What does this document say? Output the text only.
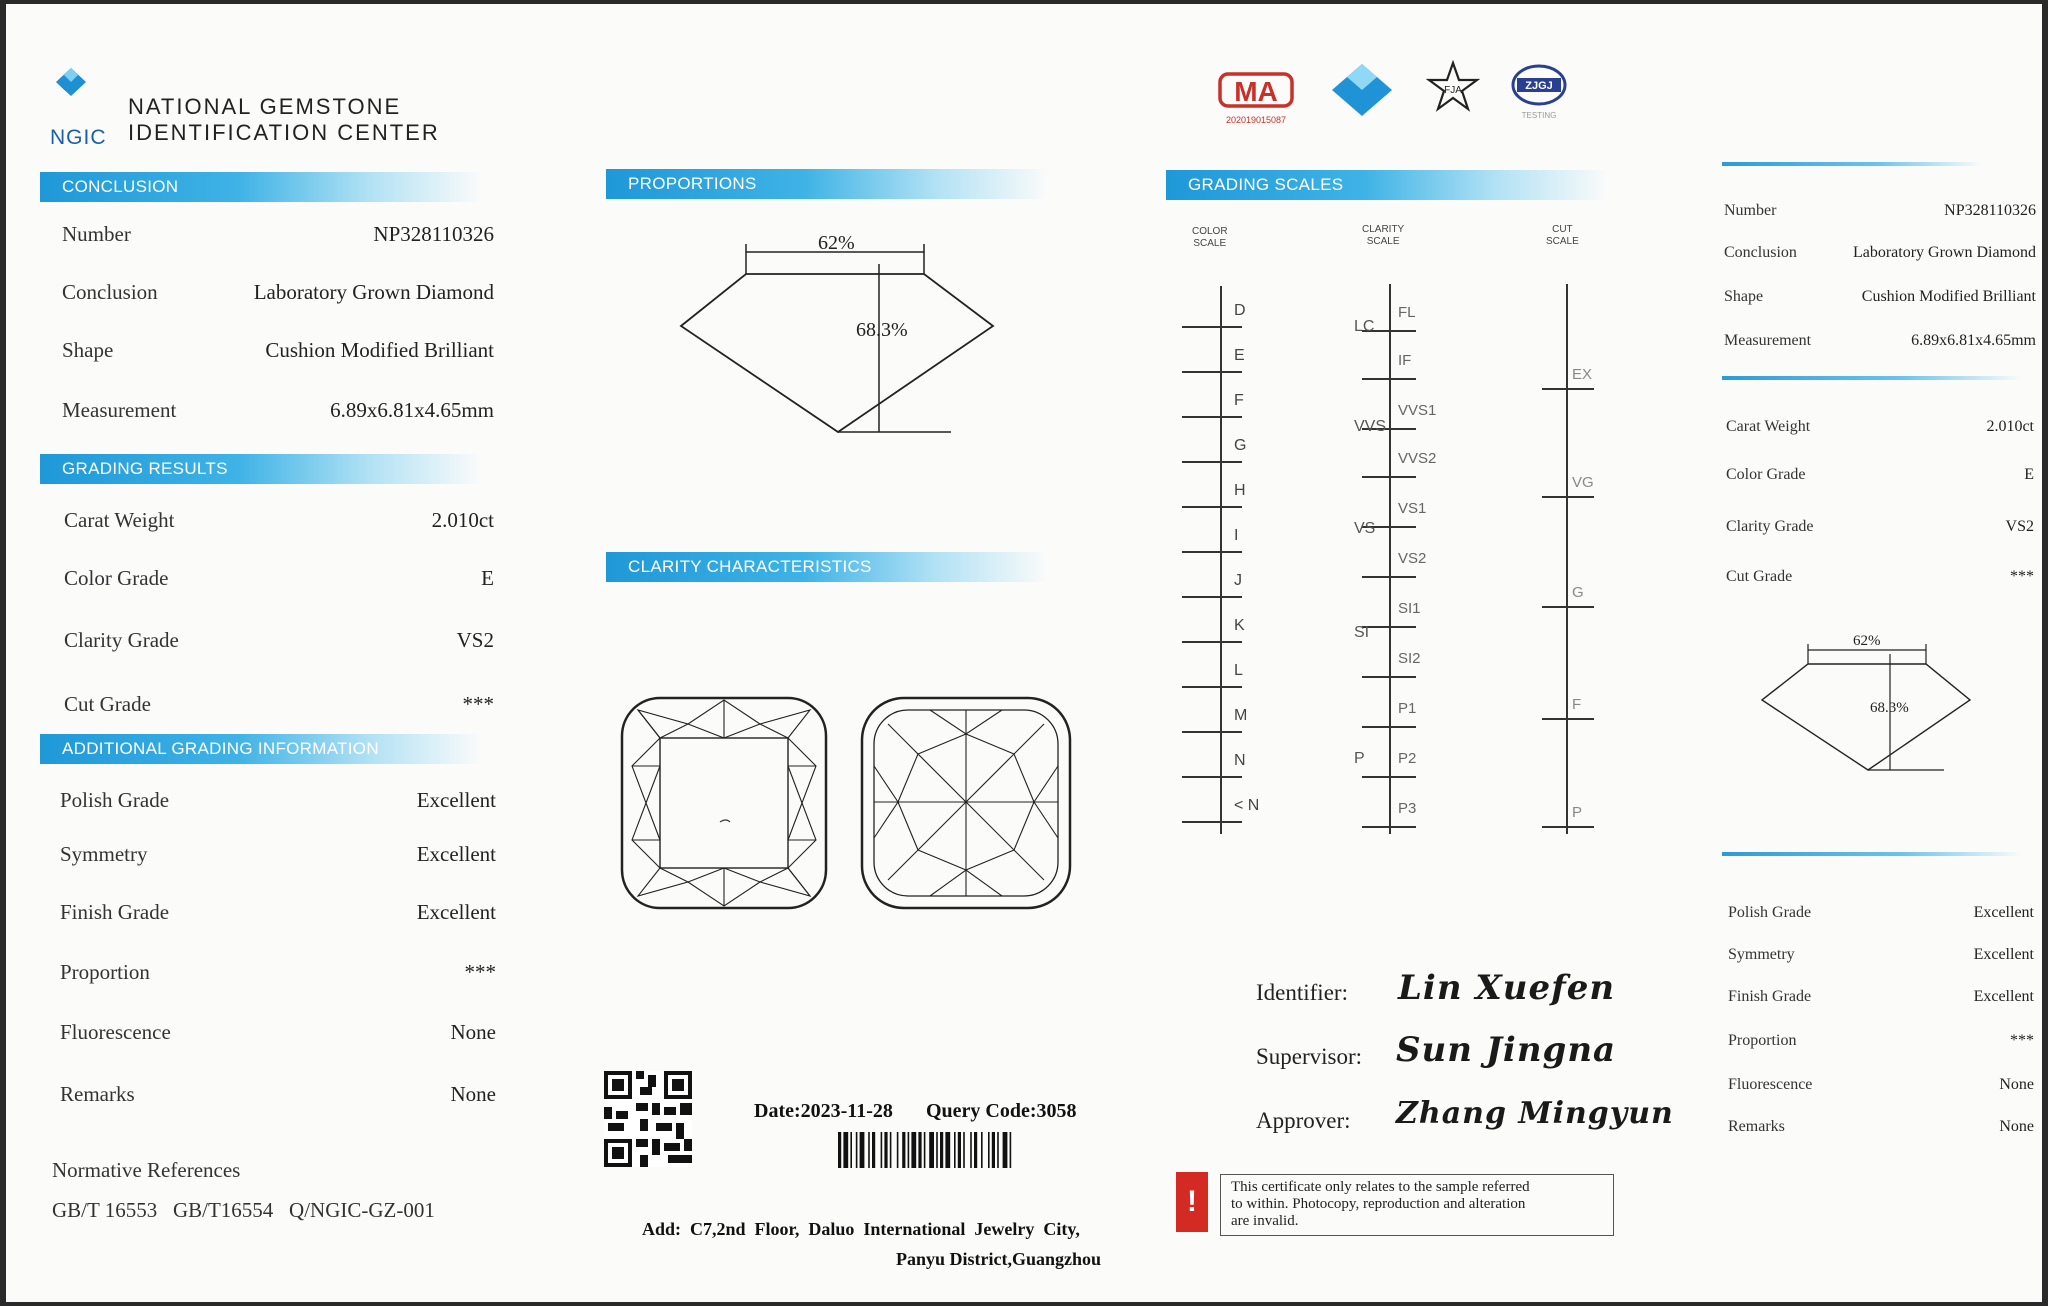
NGIC
NATIONAL GEMSTONE
IDENTIFICATION CENTER
CONCLUSION
GRADING RESULTS
ADDITIONAL GRADING INFORMATION
Normative References
GB/T 16553   GB/T16554   Q/NGIC-GZ-001
PROPORTIONS
62%
68.3%
CLARITY CHARACTERISTICS
Date:2023-11-28 Query Code:3058
Add:  C7,2nd  Floor,  Daluo  International  Jewelry  City,
Panyu District,Guangzhou
MA
202019015087
FJA	ZJGJ
TESTING
GRADING SCALES
COLOR
SCALE
CLARITY
SCALE
CUT
SCALE
D
E
F
G
H
I
J
K
L
M
N
< N
FL
IF
VVS1
VVS2
VS1
VS2
SI1
SI2
P1
P2
P3
LC
VVS
VS
SI
P
EX
VG
G
F
P
Identifier: Lin Xuefen
Supervisor: Sun Jingna
Approver: Zhang Mingyun
!	This certificate only relates to the sample referred
to within. Photocopy, reproduction and alteration
are invalid.
62%
68.3%
Number	NP328110326
Conclusion	Laboratory Grown Diamond
Shape	Cushion Modified Brilliant
Measurement	6.89x6.81x4.65mm
Carat Weight	2.010ct
Color Grade	E
Clarity Grade	VS2
Cut Grade	***
Polish Grade	Excellent
Symmetry	Excellent
Finish Grade	Excellent
Proportion	***
Fluorescence	None
Remarks	None
Number	NP328110326
Conclusion	Laboratory Grown Diamond
Shape	Cushion Modified Brilliant
Measurement	6.89x6.81x4.65mm
Carat Weight	2.010ct
Color Grade	E
Clarity Grade	VS2
Cut Grade	***
Polish Grade	Excellent
Symmetry	Excellent
Finish Grade	Excellent
Proportion	***
Fluorescence	None
Remarks	None
